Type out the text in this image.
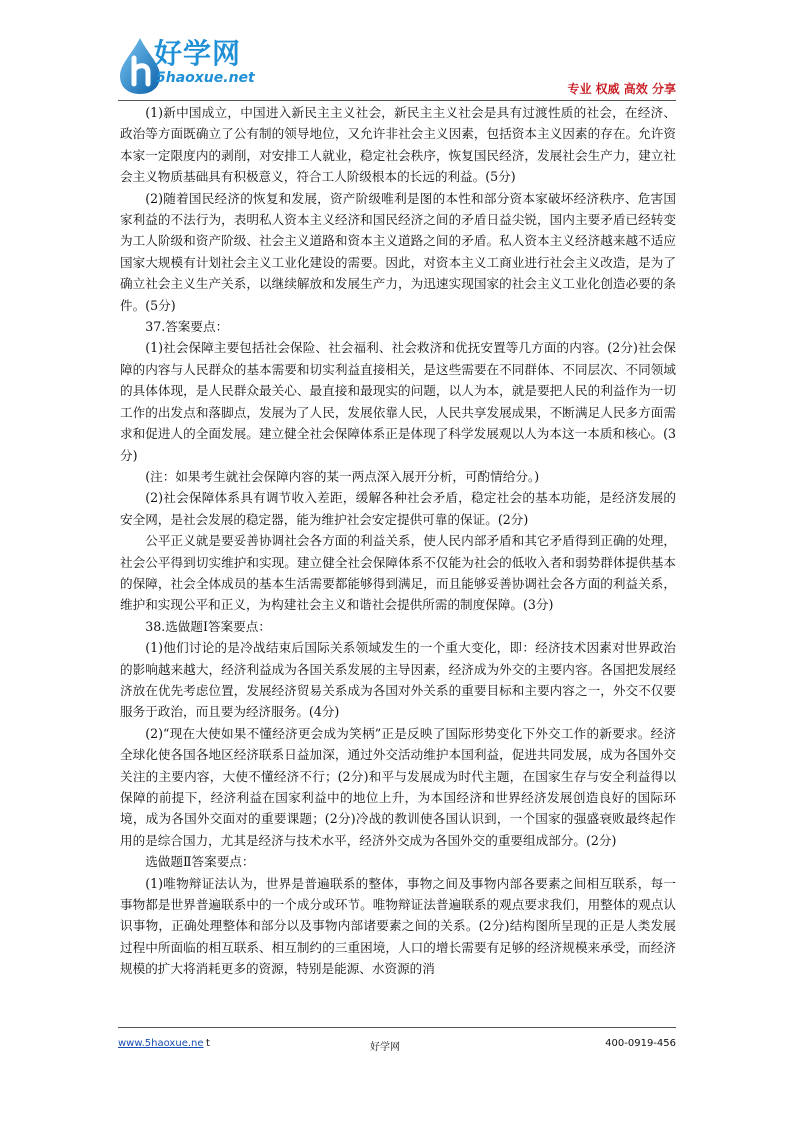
好学网
5haoxue.net
专业 权威 高效 分享

(1)新中国成立，中国进入新民主主义社会，新民主主义社会是具有过渡性质的社会，在经济、政治等方面既确立了公有制的领导地位，又允许非社会主义因素，包括资本主义因素的存在。允许资本家一定限度内的剥削，对安排工人就业，稳定社会秩序，恢复国民经济，发展社会生产力，建立社会主义物质基础具有积极意义，符合工人阶级根本的长远的利益。(5分)

(2)随着国民经济的恢复和发展，资产阶级唯利是图的本性和部分资本家破坏经济秩序、危害国家利益的不法行为，表明私人资本主义经济和国民经济之间的矛盾日益尖锐，国内主要矛盾已经转变为工人阶级和资产阶级、社会主义道路和资本主义道路之间的矛盾。私人资本主义经济越来越不适应国家大规模有计划社会主义工业化建设的需要。因此，对资本主义工商业进行社会主义改造，是为了确立社会主义生产关系，以继续解放和发展生产力，为迅速实现国家的社会主义工业化创造必要的条件。(5分)

37.答案要点：

(1)社会保障主要包括社会保险、社会福利、社会救济和优抚安置等几方面的内容。(2分)社会保障的内容与人民群众的基本需要和切实利益直接相关，是这些需要在不同群体、不同层次、不同领域的具体体现，是人民群众最关心、最直接和最现实的问题，以人为本，就是要把人民的利益作为一切工作的出发点和落脚点，发展为了人民，发展依靠人民，人民共享发展成果，不断满足人民多方面需求和促进人的全面发展。建立健全社会保障体系正是体现了科学发展观以人为本这一本质和核心。(3分)

(注：如果考生就社会保障内容的某一两点深入展开分析，可酌情给分。)

(2)社会保障体系具有调节收入差距，缓解各种社会矛盾，稳定社会的基本功能，是经济发展的安全网，是社会发展的稳定器，能为维护社会安定提供可靠的保证。(2分)

公平正义就是要妥善协调社会各方面的利益关系，使人民内部矛盾和其它矛盾得到正确的处理，社会公平得到切实维护和实现。建立健全社会保障体系不仅能为社会的低收入者和弱势群体提供基本的保障，社会全体成员的基本生活需要都能够得到满足，而且能够妥善协调社会各方面的利益关系，维护和实现公平和正义，为构建社会主义和谐社会提供所需的制度保障。(3分)

38.选做题Ⅰ答案要点：

(1)他们讨论的是冷战结束后国际关系领域发生的一个重大变化，即：经济技术因素对世界政治的影响越来越大，经济利益成为各国关系发展的主导因素，经济成为外交的主要内容。各国把发展经济放在优先考虑位置，发展经济贸易关系成为各国对外关系的重要目标和主要内容之一，外交不仅要服务于政治，而且要为经济服务。(4分)

(2)“现在大使如果不懂经济更会成为笑柄”正是反映了国际形势变化下外交工作的新要求。经济全球化使各国各地区经济联系日益加深，通过外交活动维护本国利益，促进共同发展，成为各国外交关注的主要内容，大使不懂经济不行；(2分)和平与发展成为时代主题，在国家生存与安全利益得以保障的前提下，经济利益在国家利益中的地位上升，为本国经济和世界经济发展创造良好的国际环境，成为各国外交面对的重要课题；(2分)冷战的教训使各国认识到，一个国家的强盛衰败最终起作用的是综合国力，尤其是经济与技术水平，经济外交成为各国外交的重要组成部分。(2分)

选做题Ⅱ答案要点：

(1)唯物辩证法认为，世界是普遍联系的整体，事物之间及事物内部各要素之间相互联系，每一事物都是世界普遍联系中的一个成分或环节。唯物辩证法普遍联系的观点要求我们，用整体的观点认识事物，正确处理整体和部分以及事物内部诸要素之间的关系。(2分)结构图所呈现的正是人类发展过程中所面临的相互联系、相互制约的三重困境，人口的增长需要有足够的经济规模来承受，而经济规模的扩大将消耗更多的资源，特别是能源、水资源的消

www.5haoxue.ne t	好学网	400-0919-456
